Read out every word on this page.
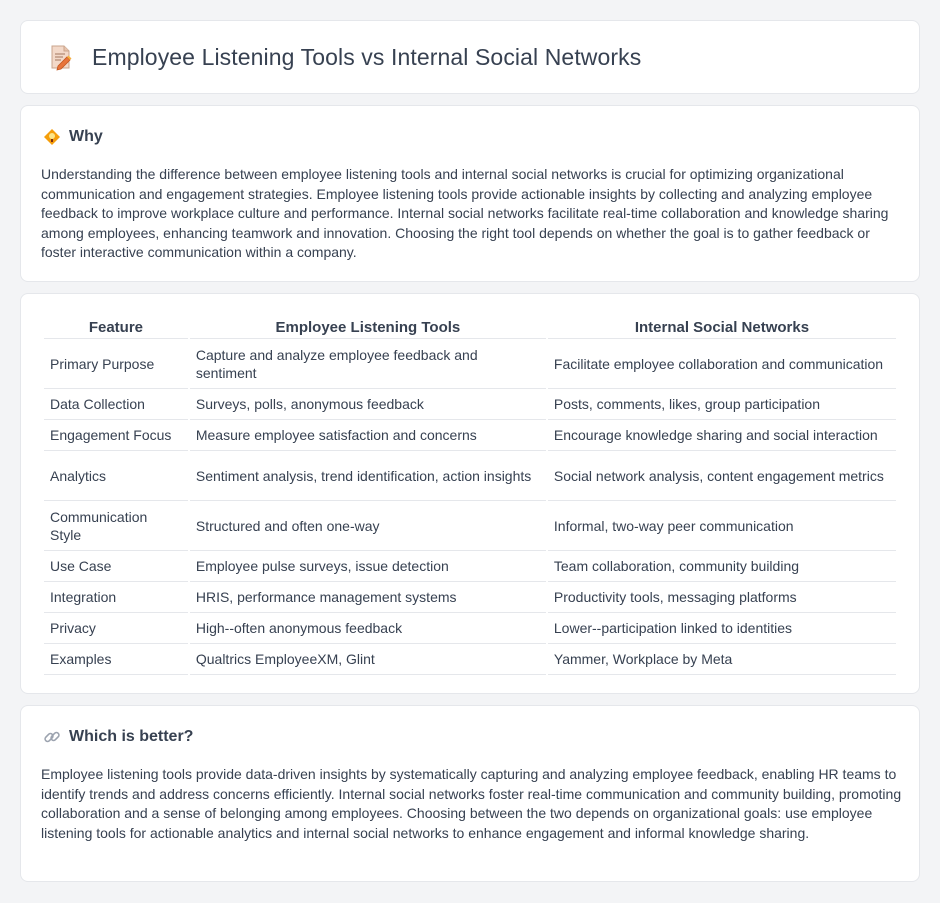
Employee Listening Tools vs Internal Social Networks
Why

Understanding the difference between employee listening tools and internal social networks is crucial for optimizing organizational communication and engagement strategies. Employee listening tools provide actionable insights by collecting and analyzing employee feedback to improve workplace culture and performance. Internal social networks facilitate real-time collaboration and knowledge sharing among employees, enhancing teamwork and innovation. Choosing the right tool depends on whether the goal is to gather feedback or foster interactive communication within a company.

Feature	Employee Listening Tools	Internal Social Networks
Primary Purpose	Capture and analyze employee feedback and sentiment	Facilitate employee collaboration and communication
Data Collection	Surveys, polls, anonymous feedback	Posts, comments, likes, group participation
Engagement Focus	Measure employee satisfaction and concerns	Encourage knowledge sharing and social interaction
Analytics	Sentiment analysis, trend identification, action insights	Social network analysis, content engagement metrics
Communication Style	Structured and often one-way	Informal, two-way peer communication
Use Case	Employee pulse surveys, issue detection	Team collaboration, community building
Integration	HRIS, performance management systems	Productivity tools, messaging platforms
Privacy	High--often anonymous feedback	Lower--participation linked to identities
Examples	Qualtrics EmployeeXM, Glint	Yammer, Workplace by Meta
Which is better?

Employee listening tools provide data-driven insights by systematically capturing and analyzing employee feedback, enabling HR teams to identify trends and address concerns efficiently. Internal social networks foster real-time communication and community building, promoting collaboration and a sense of belonging among employees. Choosing between the two depends on organizational goals: use employee listening tools for actionable analytics and internal social networks to enhance engagement and informal knowledge sharing.
